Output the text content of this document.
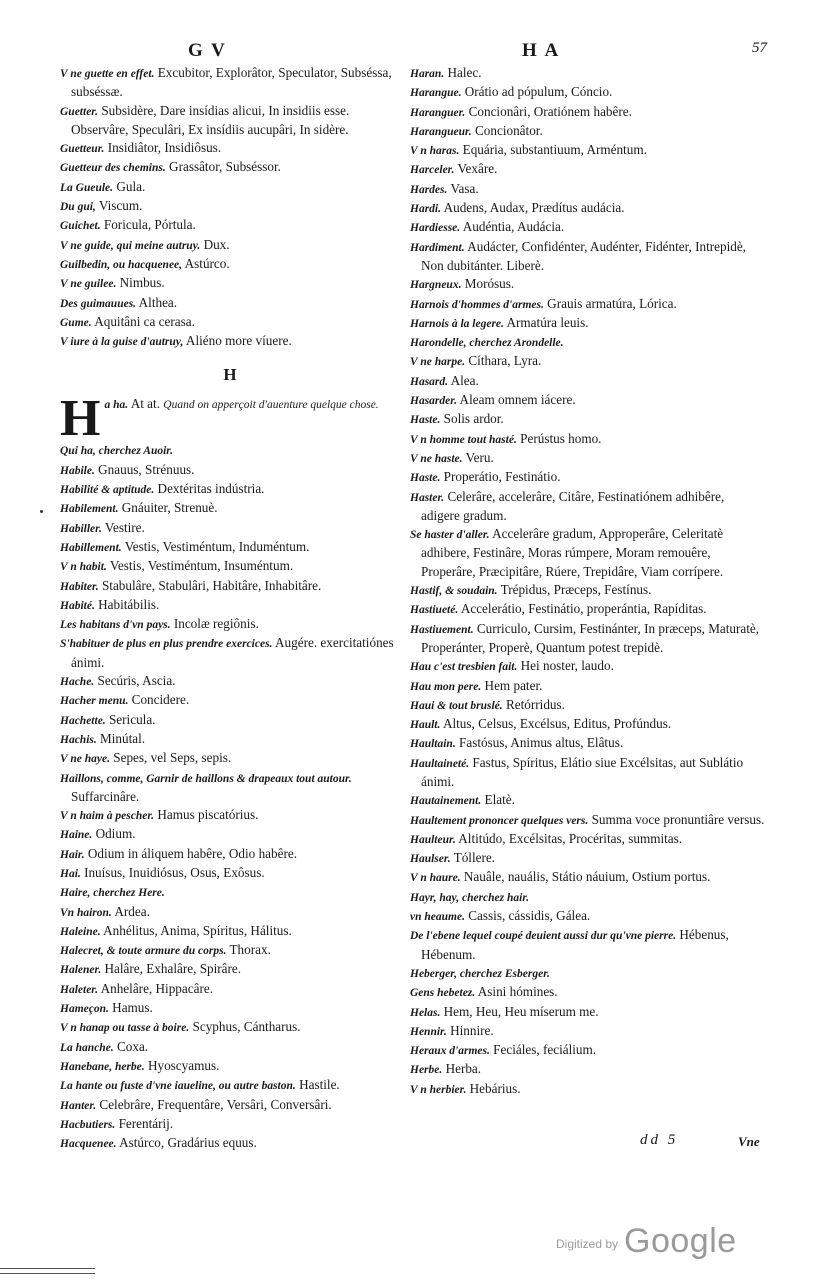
G V	H A	57

V ne guette en effet. Excubitor, Explorâtor, Speculator, Subséssa, subséssæ.

Guetter. Subsidère, Dare insídias alicui, In insidiis esse. Observâre, Speculâri, Ex insídiis aucupâri, In sidère.

Guetteur. Insidiâtor, Insidiôsus.

Guetteur des chemins. Grassâtor, Subséssor.

La Gueule. Gula.

Du gui, Viscum.

Guichet. Foricula, Pórtula.

V ne guide, qui meine autruy. Dux.

Guilbedin, ou hacquenee, Astúrco.

V ne guilee. Nimbus.

Des guimauues. Althea.

Gume. Aquitâni ca cerasa.

V iure à la guise d'autruy, Aliéno more víuere.

H
H a ha. At at. Quand on apperçoit d'auenture quelque chose.

Qui ha, cherchez Auoir.

Habile. Gnauus, Strénuus.

Habilité & aptitude. Dextéritas indústria.

Habilement. Gnáuiter, Strenuè.

Habiller. Vestire.

Habillement. Vestis, Vestiméntum, Induméntum.

V n habit. Vestis, Vestiméntum, Insuméntum.

Habiter. Stabulâre, Stabulâri, Habitâre, Inhabitâre.

Habité. Habitábilis.

Les habitans d'vn pays. Incolæ regiônis.

S'habituer de plus en plus prendre exercices. Augére. exercitatiónes ánimi.

Hache. Secúris, Ascia.

Hacher menu. Concidere.

Hachette. Sericula.

Hachis. Minútal.

V ne haye. Sepes, vel Seps, sepis.

Haillons, comme, Garnir de haillons & drapeaux tout autour. Suffarcinâre.

V n haim à pescher. Hamus piscatórius.

Haine. Odium.

Hair. Odium in áliquem habêre, Odio habêre.

Hai. Inuísus, Inuidiósus, Osus, Exôsus.

Haire, cherchez Here.

Vn hairon. Ardea.

Haleine. Anhélitus, Anima, Spíritus, Hálitus.

Halecret, & toute armure du corps. Thorax.

Halener. Halâre, Exhalâre, Spirâre.

Haleter. Anhelâre, Hippacâre.

Hameçon. Hamus.

V n hanap ou tasse à boire. Scyphus, Cántharus.

La hanche. Coxa.

Hanebane, herbe. Hyoscyamus.

La hante ou fuste d'vne iaueline, ou autre baston. Hastile.

Hanter. Celebrâre, Frequentâre, Versâri, Conversâri.

Hacbutiers. Ferentárij.

Hacquenee. Astúrco, Gradárius equus.

Haran. Halec.

Harangue. Orátio ad pópulum, Cóncio.

Haranguer. Concionâri, Oratiónem habêre.

Harangueur. Concionâtor.

V n haras. Equária, substantiuum, Arméntum.

Harceler. Vexâre.

Hardes. Vasa.

Hardi. Audens, Audax, Prædítus audácia.

Hardiesse. Audéntia, Audácia.

Hardiment. Audácter, Confidénter, Audénter, Fidénter, Intrepidè, Non dubitánter. Liberè.

Hargneux. Morósus.

Harnois d'hommes d'armes. Grauis armatúra, Lórica.

Harnois à la legere. Armatúra leuis.

Harondelle, cherchez Arondelle.

V ne harpe. Cíthara, Lyra.

Hasard. Alea.

Hasarder. Aleam omnem iácere.

Haste. Solis ardor.

V n homme tout hasté. Perústus homo.

V ne haste. Veru.

Haste. Properátio, Festinátio.

Haster. Celerâre, accelerâre, Citâre, Festinatiónem adhibêre, adigere gradum.

Se haster d'aller. Accelerâre gradum, Approperâre, Celeritatè adhibere, Festinâre, Moras rúmpere, Moram remouêre, Properâre, Præcipitâre, Rúere, Trepidâre, Viam corrípere.

Hastif, & soudain. Trépidus, Præceps, Festínus.

Hastiueté. Accelerátio, Festinátio, properántia, Rapíditas.

Hastiuement. Curriculo, Cursim, Festinánter, In præceps, Maturatè, Properánter, Properè, Quantum potest trepidè.

Hau c'est tresbien fait. Hei noster, laudo.

Hau mon pere. Hem pater.

Haui & tout bruslé. Retórridus.

Hault. Altus, Celsus, Excélsus, Editus, Profúndus.

Haultain. Fastósus, Animus altus, Elâtus.

Haultaineté. Fastus, Spíritus, Elátio siue Excélsitas, aut Sublátio ánimi.

Hautainement. Elatè.

Haultement prononcer quelques vers. Summa voce pronuntiâre versus.

Haulteur. Altitúdo, Excélsitas, Procéritas, summitas.

Haulser. Tóllere.

V n haure. Nauâle, nauális, Státio náuium, Ostium portus.

Hayr, hay, cherchez hair.

vn heaume. Cassis, cássidis, Gálea.

De l'ebene lequel coupé deuient aussi dur qu'vne pierre. Hébenus, Hébenum.

Heberger, cherchez Esberger.

Gens hebetez. Asini hómines.

Helas. Hem, Heu, Heu míserum me.

Hennir. Hinnire.

Heraux d'armes. Feciáles, feciálium.

Herbe. Herba.

V n herbier. Hebárius.

dd 5	Vne
$^{Digitized by}$ Google
